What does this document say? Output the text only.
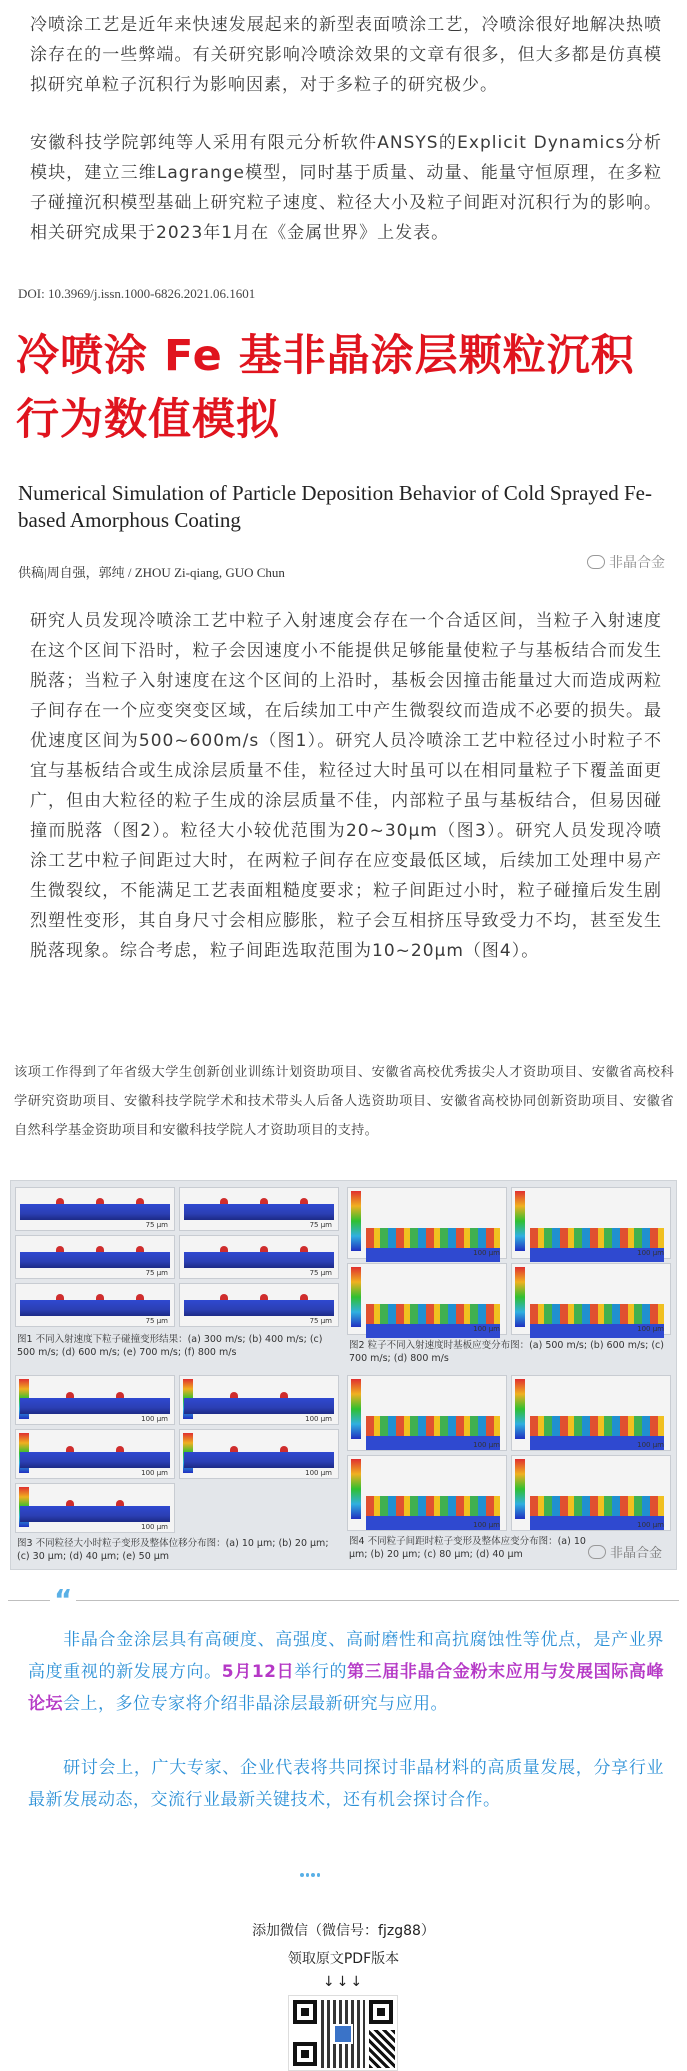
冷喷涂工艺是近年来快速发展起来的新型表面喷涂工艺，冷喷涂很好地解决热喷涂存在的一些弊端。有关研究影响冷喷涂效果的文章有很多，但大多都是仿真模拟研究单粒子沉积行为影响因素，对于多粒子的研究极少。

安徽科技学院郭纯等人采用有限元分析软件ANSYS的Explicit Dynamics分析模块，建立三维Lagrange模型，同时基于质量、动量、能量守恒原理，在多粒子碰撞沉积模型基础上研究粒子速度、粒径大小及粒子间距对沉积行为的影响。相关研究成果于2023年1月在《金属世界》上发表。

DOI: 10.3969/j.issn.1000-6826.2021.06.1601
冷喷涂 Fe 基非晶涂层颗粒沉积行为数值模拟
Numerical Simulation of Particle Deposition Behavior of Cold Sprayed Fe-based Amorphous Coating
供稿|周自强，郭纯 / ZHOU Zi-qiang, GUO Chun
非晶合金

研究人员发现冷喷涂工艺中粒子入射速度会存在一个合适区间，当粒子入射速度在这个区间下沿时，粒子会因速度小不能提供足够能量使粒子与基板结合而发生脱落；当粒子入射速度在这个区间的上沿时，基板会因撞击能量过大而造成两粒子间存在一个应变突变区域，在后续加工中产生微裂纹而造成不必要的损失。最优速度区间为500~600m/s（图1）。研究人员冷喷涂工艺中粒径过小时粒子不宜与基板结合或生成涂层质量不佳，粒径过大时虽可以在相同量粒子下覆盖面更广，但由大粒径的粒子生成的涂层质量不佳，内部粒子虽与基板结合，但易因碰撞而脱落（图2）。粒径大小较优范围为20~30μm（图3）。研究人员发现冷喷涂工艺中粒子间距过大时，在两粒子间存在应变最低区域，后续加工处理中易产生微裂纹，不能满足工艺表面粗糙度要求；粒子间距过小时，粒子碰撞后发生剧烈塑性变形，其自身尺寸会相应膨胀，粒子会互相挤压导致受力不均，甚至发生脱落现象。综合考虑，粒子间距选取范围为10~20μm（图4）。

该项工作得到了年省级大学生创新创业训练计划资助项目、安徽省高校优秀拔尖人才资助项目、安徽省高校科学研究资助项目、安徽科技学院学术和技术带头人后备人选资助项目、安徽省高校协同创新资助项目、安徽省自然科学基金资助项目和安徽科技学院人才资助项目的支持。

75 μm	75 μm
75 μm	75 μm
75 μm	75 μm
图1 不同入射速度下粒子碰撞变形结果：(a) 300 m/s; (b) 400 m/s; (c) 500 m/s; (d) 600 m/s; (e) 700 m/s; (f) 800 m/s
100 μm	100 μm
100 μm	100 μm
图2 粒子不同入射速度时基板应变分布图：(a) 500 m/s; (b) 600 m/s; (c) 700 m/s; (d) 800 m/s
100 μm	100 μm
100 μm	100 μm
100 μm
图3 不同粒径大小时粒子变形及整体位移分布图：(a) 10 μm; (b) 20 μm; (c) 30 μm; (d) 40 μm; (e) 50 μm
100 μm	100 μm
100 μm	100 μm
图4 不同粒子间距时粒子变形及整体应变分布图：(a) 10 μm; (b) 20 μm; (c) 80 μm; (d) 40 μm	非晶合金
“

  非晶合金涂层具有高硬度、高强度、高耐磨性和高抗腐蚀性等优点，是产业界高度重视的新发展方向。5月12日举行的第三届非晶合金粉末应用与发展国际高峰论坛会上，多位专家将介绍非晶涂层最新研究与应用。

  研讨会上，广大专家、企业代表将共同探讨非晶材料的高质量发展，分享行业最新发展动态，交流行业最新关键技术，还有机会探讨合作。

添加微信（微信号：fjzg88）
领取原文PDF版本
↓↓↓
